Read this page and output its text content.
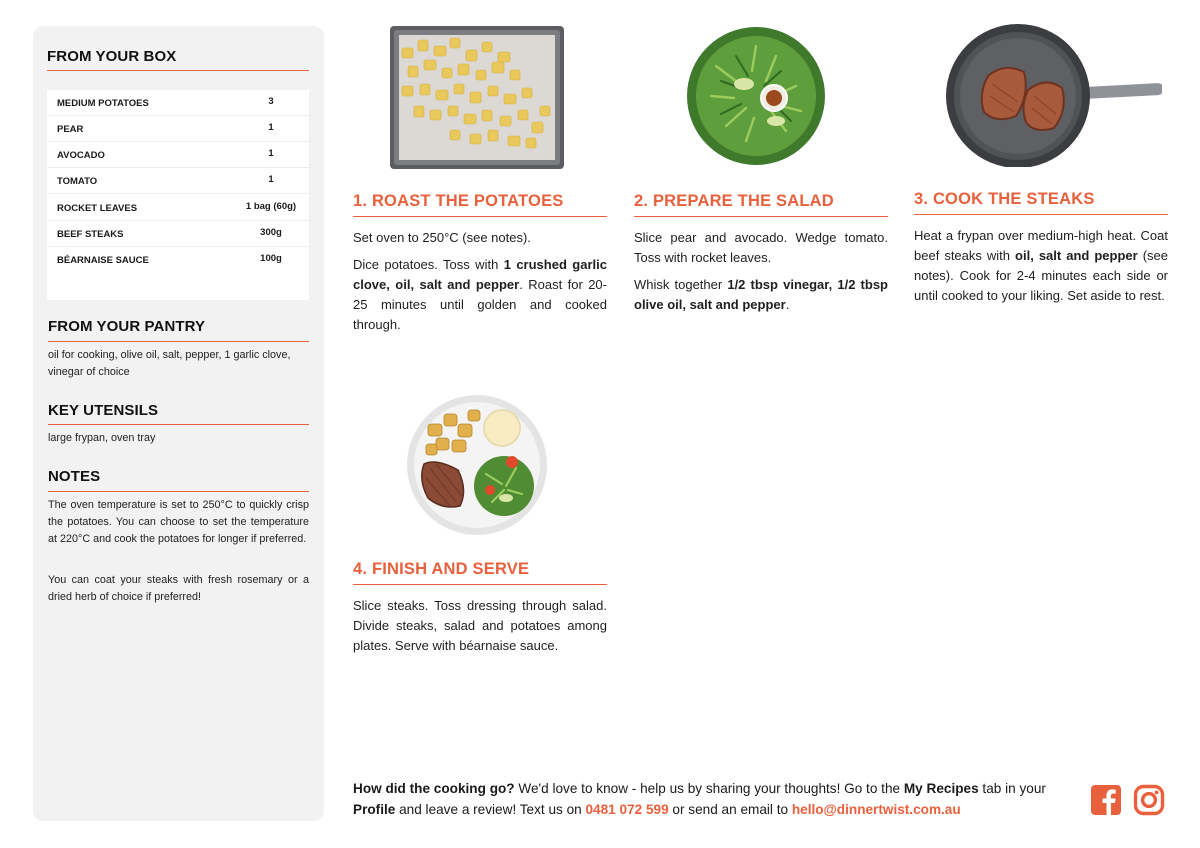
FROM YOUR BOX
MEDIUM POTATOES	3
PEAR	1
AVOCADO	1
TOMATO	1
ROCKET LEAVES	1 bag (60g)
BEEF STEAKS	300g
BÉARNAISE SAUCE	100g
FROM YOUR PANTRY
oil for cooking, olive oil, salt, pepper, 1 garlic clove, vinegar of choice
KEY UTENSILS
large frypan, oven tray
NOTES
The oven temperature is set to 250°C to quickly crisp the potatoes. You can choose to set the temperature at 220°C and cook the potatoes for longer if preferred.
You can coat your steaks with fresh rosemary or a dried herb of choice if preferred!
1. ROAST THE POTATOES

Set oven to 250°C (see notes).

Dice potatoes. Toss with 1 crushed garlic clove, oil, salt and pepper. Roast for 20-25 minutes until golden and cooked through.

2. PREPARE THE SALAD

Slice pear and avocado. Wedge tomato. Toss with rocket leaves.

Whisk together 1/2 tbsp vinegar, 1/2 tbsp olive oil, salt and pepper.

3. COOK THE STEAKS

Heat a frypan over medium-high heat. Coat beef steaks with oil, salt and pepper (see notes). Cook for 2-4 minutes each side or until cooked to your liking. Set aside to rest.

4. FINISH AND SERVE

Slice steaks. Toss dressing through salad. Divide steaks, salad and potatoes among plates. Serve with béarnaise sauce.

How did the cooking go? We'd love to know - help us by sharing your thoughts! Go to the My Recipes tab in your Profile and leave a review! Text us on 0481 072 599 or send an email to hello@dinnertwist.com.au
